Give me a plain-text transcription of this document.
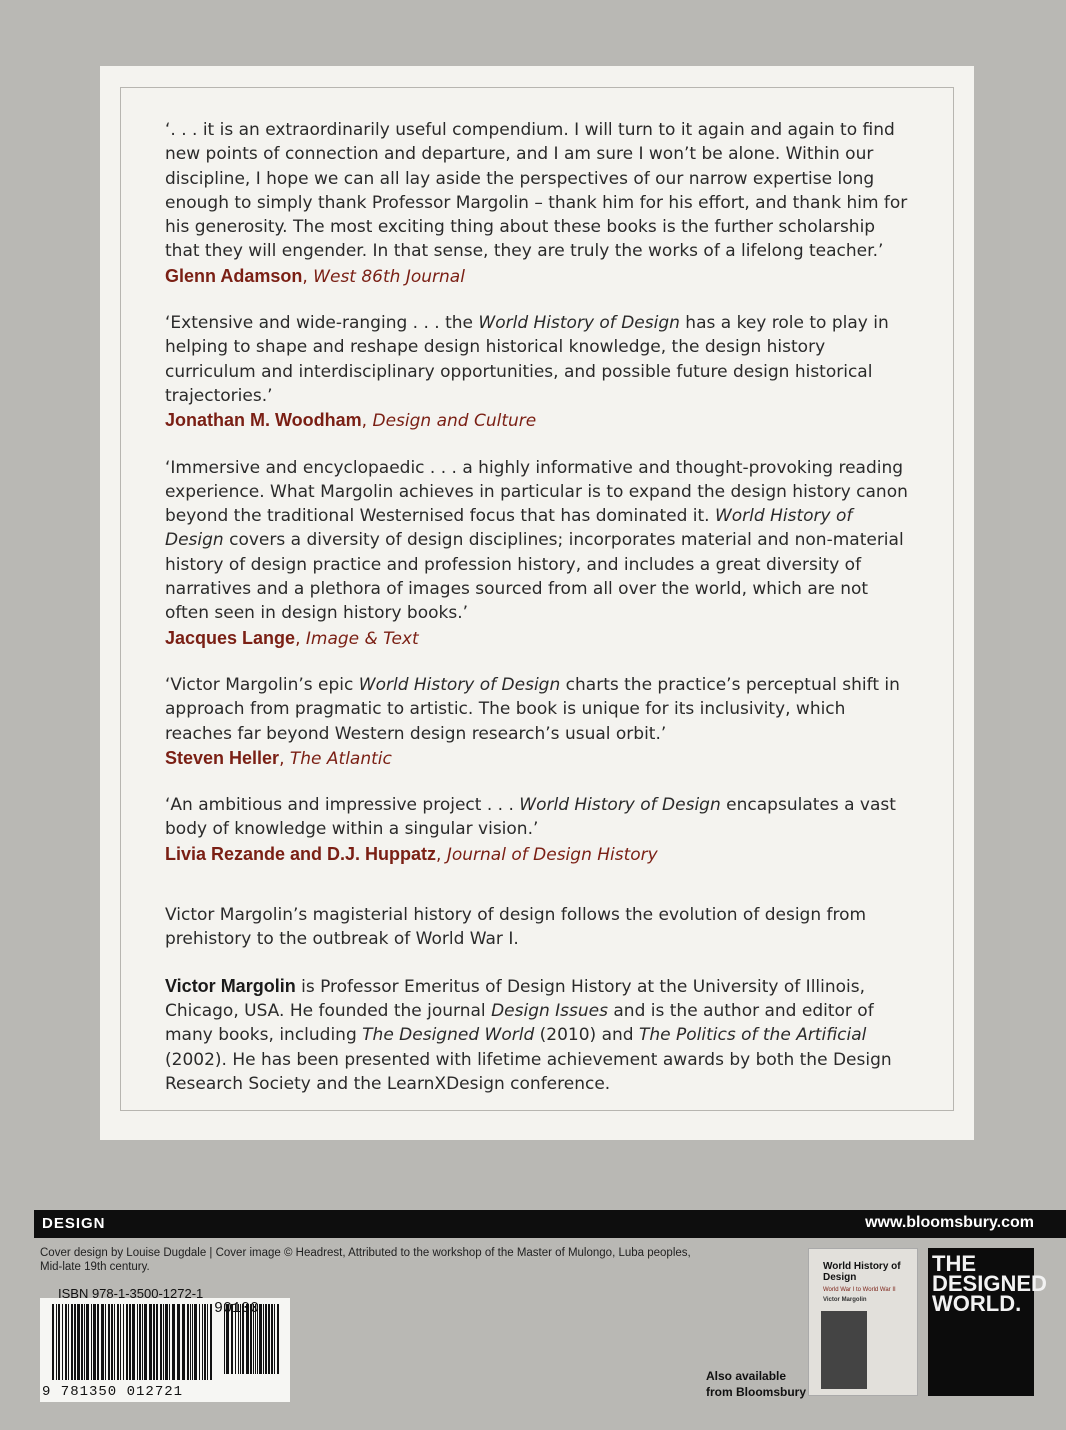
‘. . . it is an extraordinarily useful compendium. I will turn to it again and again to find new points of connection and departure, and I am sure I won’t be alone. Within our discipline, I hope we can all lay aside the perspectives of our narrow expertise long enough to simply thank Professor Margolin – thank him for his effort, and thank him for his generosity. The most exciting thing about these books is the further scholarship that they will engender. In that sense, they are truly the works of a lifelong teacher.’

Glenn Adamson, West 86th Journal

‘Extensive and wide-ranging . . . the World History of Design has a key role to play in helping to shape and reshape design historical knowledge, the design history curriculum and interdisciplinary opportunities, and possible future design historical trajectories.’

Jonathan M. Woodham, Design and Culture

‘Immersive and encyclopaedic . . . a highly informative and thought-provoking reading experience. What Margolin achieves in particular is to expand the design history canon beyond the traditional Westernised focus that has dominated it. World History of Design covers a diversity of design disciplines; incorporates material and non-material history of design practice and profession history, and includes a great diversity of narratives and a plethora of images sourced from all over the world, which are not often seen in design history books.’

Jacques Lange, Image & Text

‘Victor Margolin’s epic World History of Design charts the practice’s perceptual shift in approach from pragmatic to artistic. The book is unique for its inclusivity, which reaches far beyond Western design research’s usual orbit.’

Steven Heller, The Atlantic

‘An ambitious and impressive project . . . World History of Design encapsulates a vast body of knowledge within a singular vision.’

Livia Rezande and D.J. Huppatz, Journal of Design History

Victor Margolin’s magisterial history of design follows the evolution of design from prehistory to the outbreak of World War I.

Victor Margolin is Professor Emeritus of Design History at the University of Illinois, Chicago, USA. He founded the journal Design Issues and is the author and editor of many books, including The Designed World (2010) and The Politics of the Artificial (2002). He has been presented with lifetime achievement awards by both the Design Research Society and the LearnXDesign conference.

DESIGN	www.bloomsbury.com
Cover design by Louise Dugdale | Cover image © Headrest, Attributed to the workshop of the Master of Mulongo, Luba peoples, Mid-late 19th century.
ISBN 978-1-3500-1272-1
90100
9 781350 012721
Also available
from Bloomsbury
World History of Design
World War I to World War II
Victor Margolin
THE
DESIGNED
WORLD.
